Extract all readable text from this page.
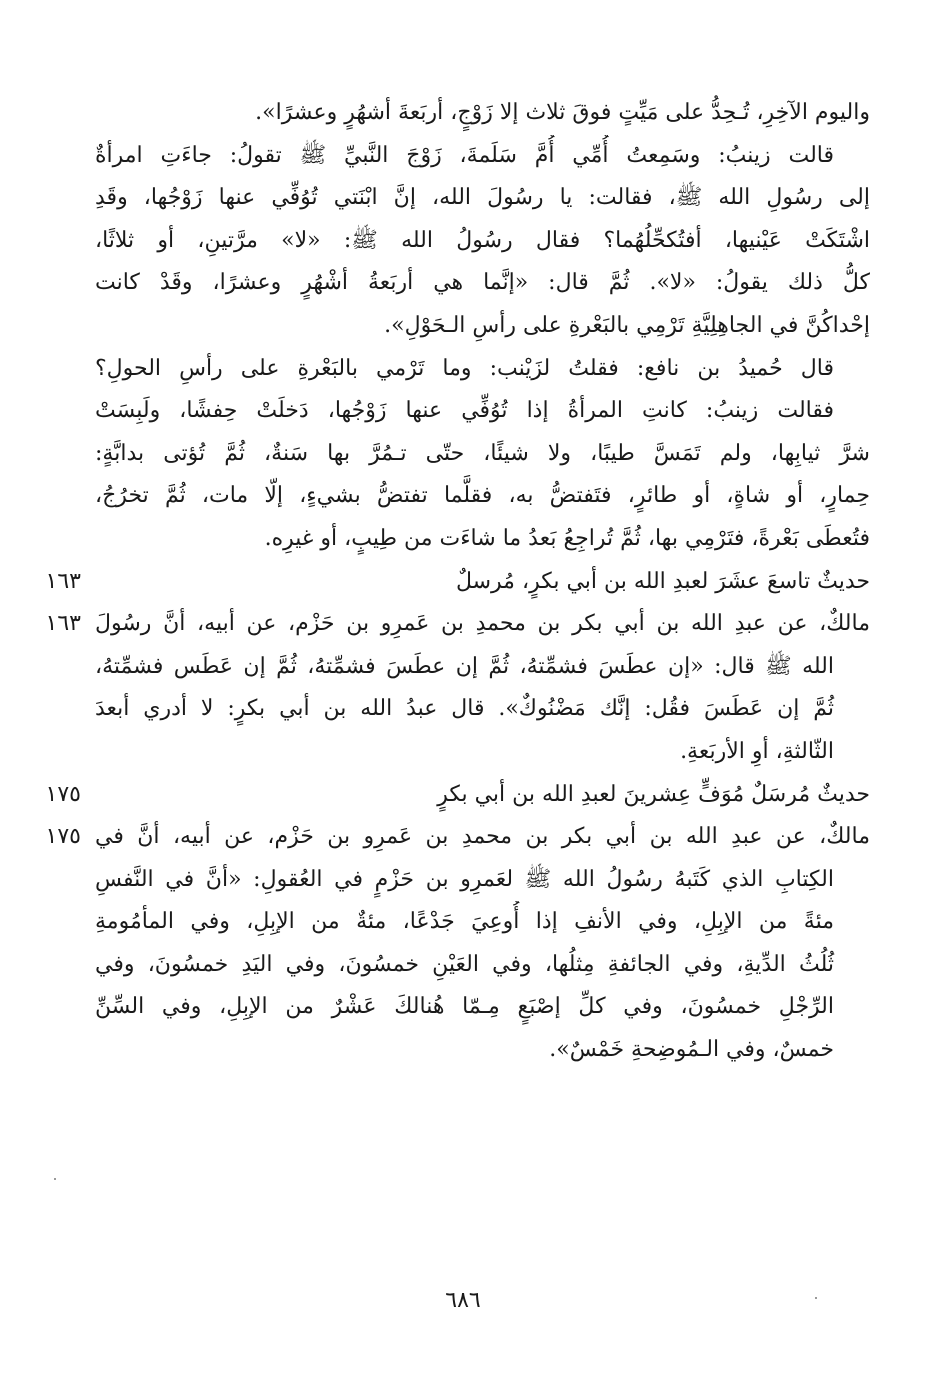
واليوم الآخِرِ، تُـحِدُّ على مَيِّتٍ فوقَ ثلاث إلا زَوْجٍ، أربَعةَ أشهُرٍ وعشرًا».
قالت زينبُ: وسَمِعتُ أُمِّي أُمَّ سَلَمةَ، زَوْجَ النَّبيِّ ﷺ تقولُ: جاءَتِ امرأةٌ
إلى رسُولِ الله ﷺ، فقالت: يا رسُولَ الله، إنَّ ابْنَتي تُوُفِّي عنها زَوْجُها، وقَدِ
اشْتَكَتْ عَيْنيها، أفتُكحِّلُهُما؟ فقال رسُولُ الله ﷺ: «لا» مرَّتينِ، أو ثلاثًا،
كلُّ ذلك يقولُ: «لا». ثُمَّ قال: «إنَّما هي أربَعةُ أشْهُرٍ وعشرًا، وقَدْ كانت
إحْداكُنَّ في الجاهِلِيَّةِ تَرْمِي بالبَعْرةِ على رأسِ الـحَوْلِ».
قال حُميدُ بن نافع: فقلتُ لزَيْنب: وما تَرْمي بالبَعْرةِ على رأسِ الحولِ؟
فقالت زينبُ: كانتِ المرأةُ إذا تُوُفِّي عنها زَوْجُها، دَخلَتْ حِفشًا، ولَبِسَتْ
شرَّ ثيابِها، ولم تَمَسَّ طيبًا، ولا شيئًا، حتّى تـمُرَّ بها سَنةٌ، ثُمَّ تُؤتى بدابَّةٍ:
حِمارٍ، أو شاةٍ، أو طائرٍ، فتَفتضُّ به، فقلَّما تفتضُّ بشيءٍ، إلّا مات، ثُمَّ تخرُجُ،
فتُعطَى بَعْرةً، فتَرْمِي بها، ثُمَّ تُراجِعُ بَعدُ ما شاءَت من طِيبٍ، أو غيرِه.
حديثٌ تاسعَ عشَرَ لعبدِ الله بن أبي بكرٍ، مُرسلٌ
١٦٣
مالكٌ، عن عبدِ الله بن أبي بكر بن محمدِ بن عَمرِو بن حَزْم، عن أبيه، أنَّ رسُولَ
١٦٣
الله ﷺ قال: «إن عطَسَ فشمِّتهُ، ثُمَّ إن عطَسَ فشمِّتهُ، ثُمَّ إن عَطَس فشمِّتهُ،
ثُمَّ إن عَطَسَ فقُل: إنَّك مَضْنُوكٌ». قال عبدُ الله بن أبي بكرٍ: لا أدري أبعدَ
الثّالثةِ، أوِ الأربَعةِ.
حديثٌ مُرسَلٌ مُوَفٍّ عِشرينَ لعبدِ الله بن أبي بكرٍ
١٧٥
مالكٌ، عن عبدِ الله بن أبي بكر بن محمدِ بن عَمرِو بن حَزْم، عن أبيه، أنَّ في
١٧٥
الكِتابِ الذي كَتَبهُ رسُولُ الله ﷺ لعَمرِو بن حَزْمٍ في العُقولِ: «أنَّ في النَّفسِ
مئةً من الإبِلِ، وفي الأنفِ إذا أُوعِيَ جَدْعًا، مئةٌ من الإبِلِ، وفي المأمُومةِ
ثُلُثُ الدِّيةِ، وفي الجائفةِ مِثلُها، وفي العَيْنِ خمسُونَ، وفي اليَدِ خمسُونَ، وفي
الرِّجْلِ خمسُونَ، وفي كلِّ إصْبَعٍ مِـمّا هُنالكَ عَشْرٌ من الإبِلِ، وفي السِّنِّ
خمسٌ، وفي الـمُوضِحةِ خَمْسٌ».
٦٨٦
